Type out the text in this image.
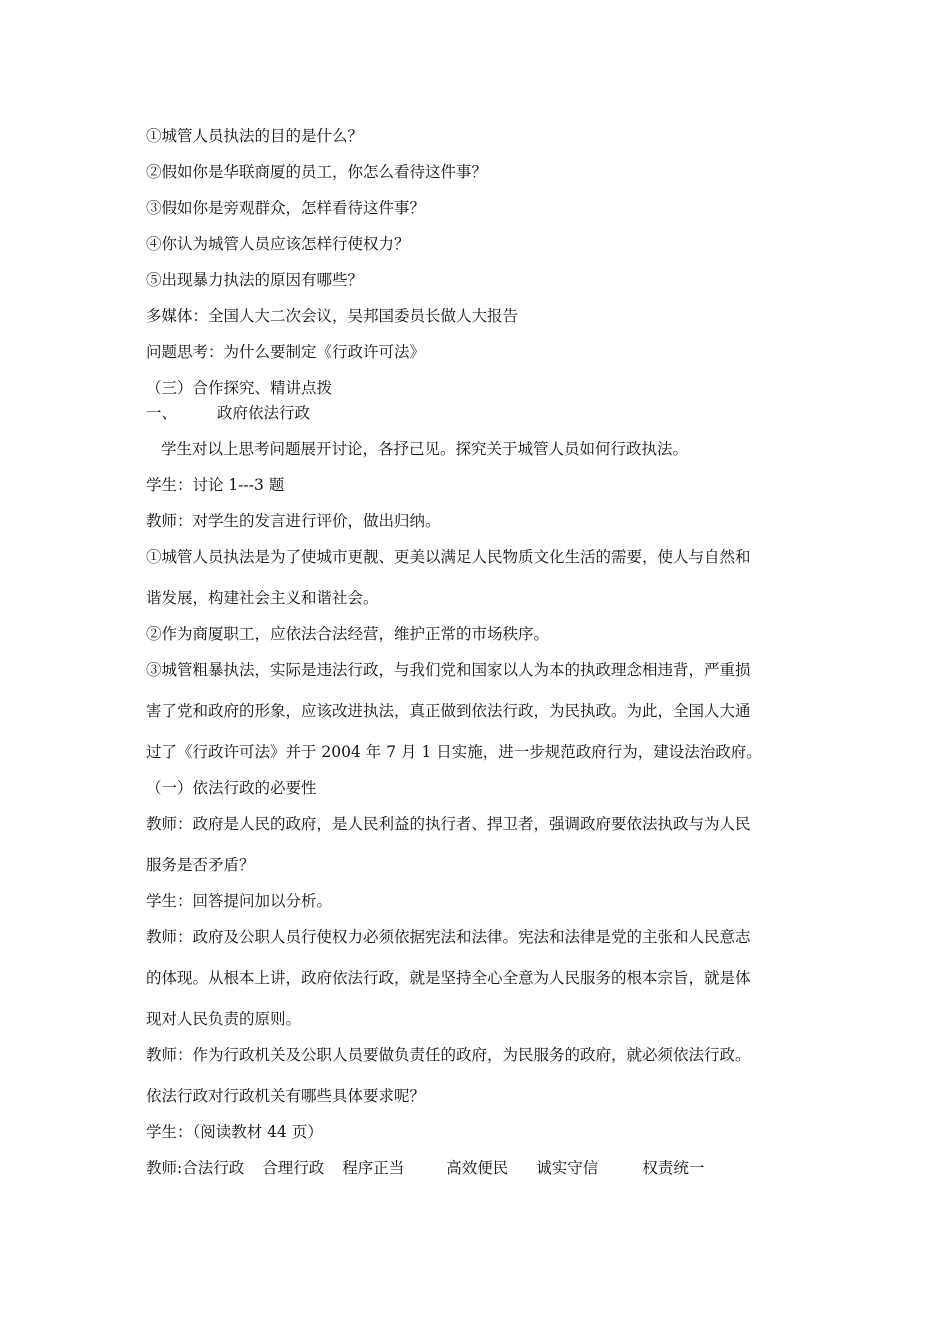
①城管人员执法的目的是什么？
②假如你是华联商厦的员工，你怎么看待这件事？
③假如你是旁观群众，怎样看待这件事？
④你认为城管人员应该怎样行使权力？
⑤出现暴力执法的原因有哪些？
多媒体：全国人大二次会议，吴邦国委员长做人大报告
问题思考：为什么要制定《行政许可法》
（三）合作探究、精讲点拨
一、	政府依法行政
学生对以上思考问题展开讨论，各抒己见。探究关于城管人员如何行政执法。
学生：讨论 1---3 题
教师：对学生的发言进行评价，做出归纳。
①城管人员执法是为了使城市更靓、更美以满足人民物质文化生活的需要，使人与自然和
谐发展，构建社会主义和谐社会。
②作为商厦职工，应依法合法经营，维护正常的市场秩序。
③城管粗暴执法，实际是违法行政，与我们党和国家以人为本的执政理念相违背，严重损
害了党和政府的形象，应该改进执法，真正做到依法行政，为民执政。为此，全国人大通
过了《行政许可法》并于 2004 年 7 月 1 日实施，进一步规范政府行为，建设法治政府。
（一）依法行政的必要性
教师：政府是人民的政府，是人民利益的执行者、捍卫者，强调政府要依法执政与为人民
服务是否矛盾？
学生：回答提问加以分析。
教师：政府及公职人员行使权力必须依据宪法和法律。宪法和法律是党的主张和人民意志
的体现。从根本上讲，政府依法行政，就是坚持全心全意为人民服务的根本宗旨，就是体
现对人民负责的原则。
教师：作为行政机关及公职人员要做负责任的政府，为民服务的政府，就必须依法行政。
依法行政对行政机关有哪些具体要求呢？
学生：（阅读教材 44 页）
教师:合法行政 合理行政 程序正当	高效便民 诚实守信	权责统一
